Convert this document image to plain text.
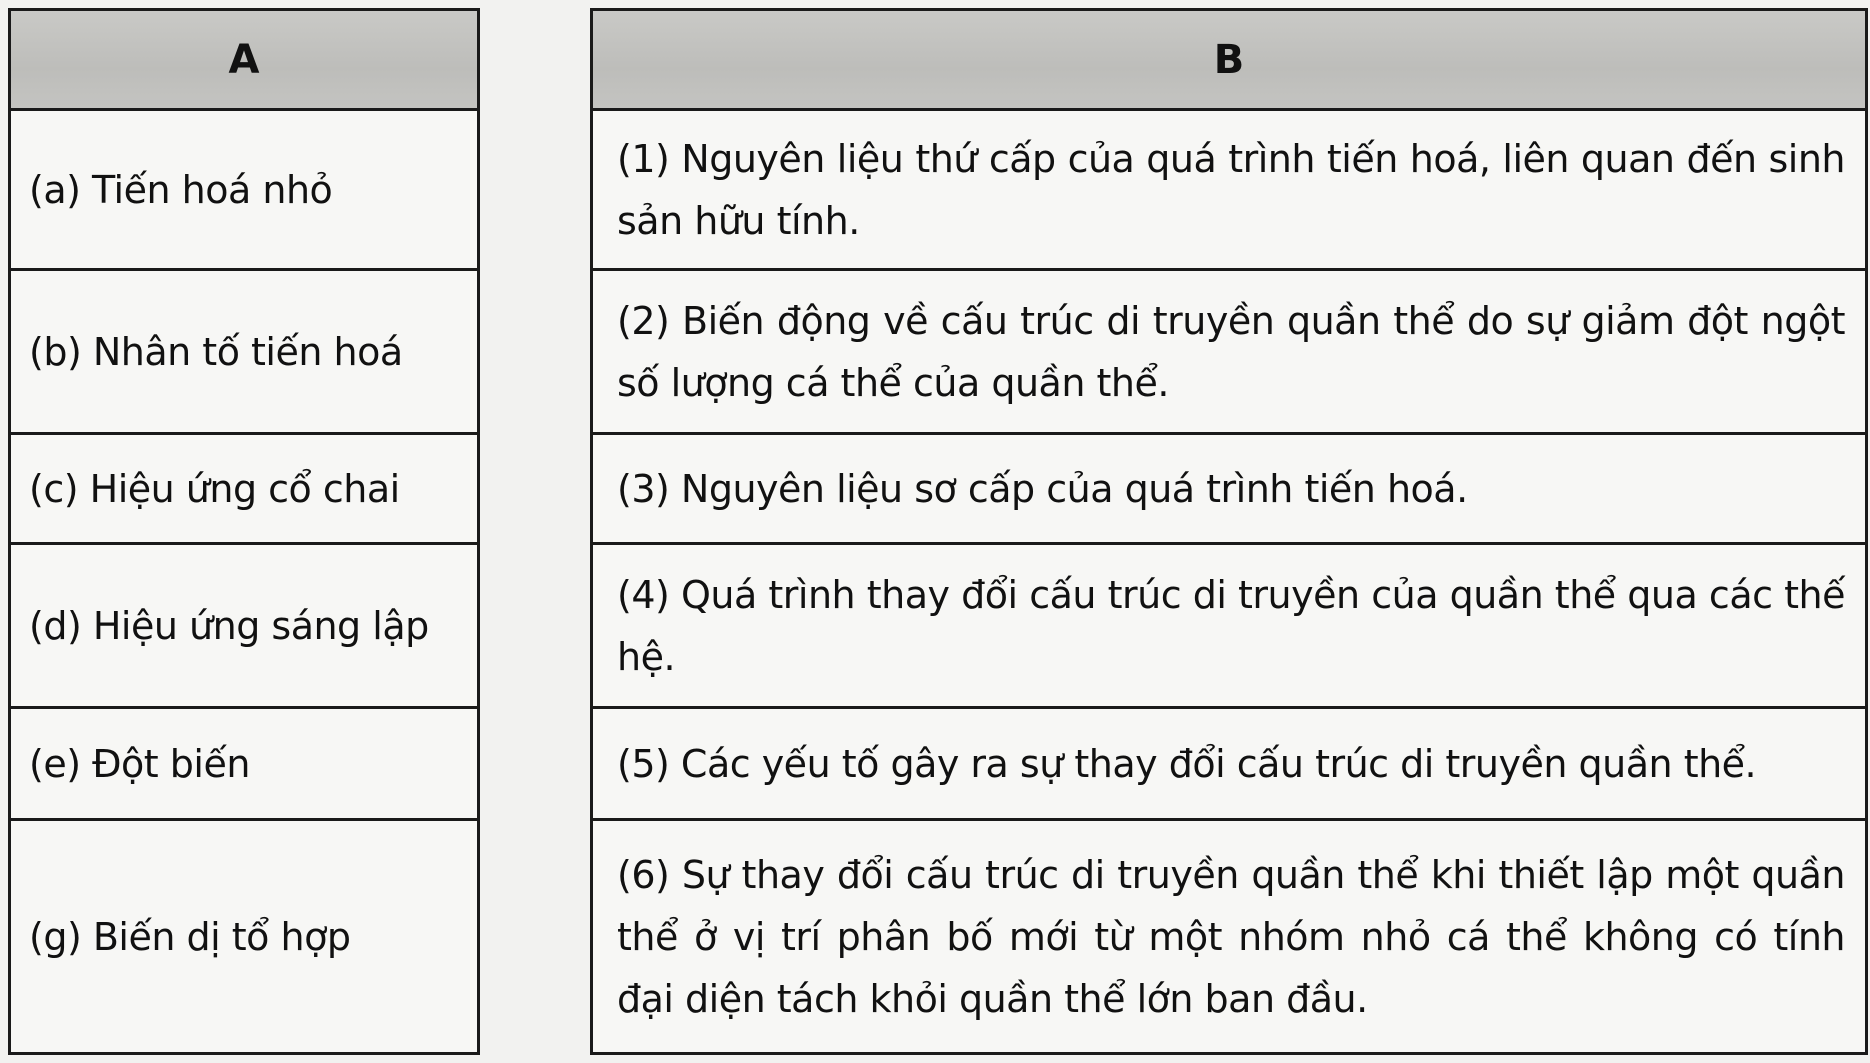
A
(a) Tiến hoá nhỏ
(b) Nhân tố tiến hoá
(c) Hiệu ứng cổ chai
(d) Hiệu ứng sáng lập
(e) Đột biến
(g) Biến dị tổ hợp
B
(1) Nguyên liệu thứ cấp của quá trình tiến hoá, liên quan đến sinh sản hữu tính.
(2) Biến động về cấu trúc di truyền quần thể do sự giảm đột ngột số lượng cá thể của quần thể.
(3) Nguyên liệu sơ cấp của quá trình tiến hoá.
(4) Quá trình thay đổi cấu trúc di truyền của quần thể qua các thế hệ.
(5) Các yếu tố gây ra sự thay đổi cấu trúc di truyền quần thể.
(6) Sự thay đổi cấu trúc di truyền quần thể khi thiết lập một quần thể ở vị trí phân bố mới từ một nhóm nhỏ cá thể không có tính đại diện tách khỏi quần thể lớn ban đầu.
